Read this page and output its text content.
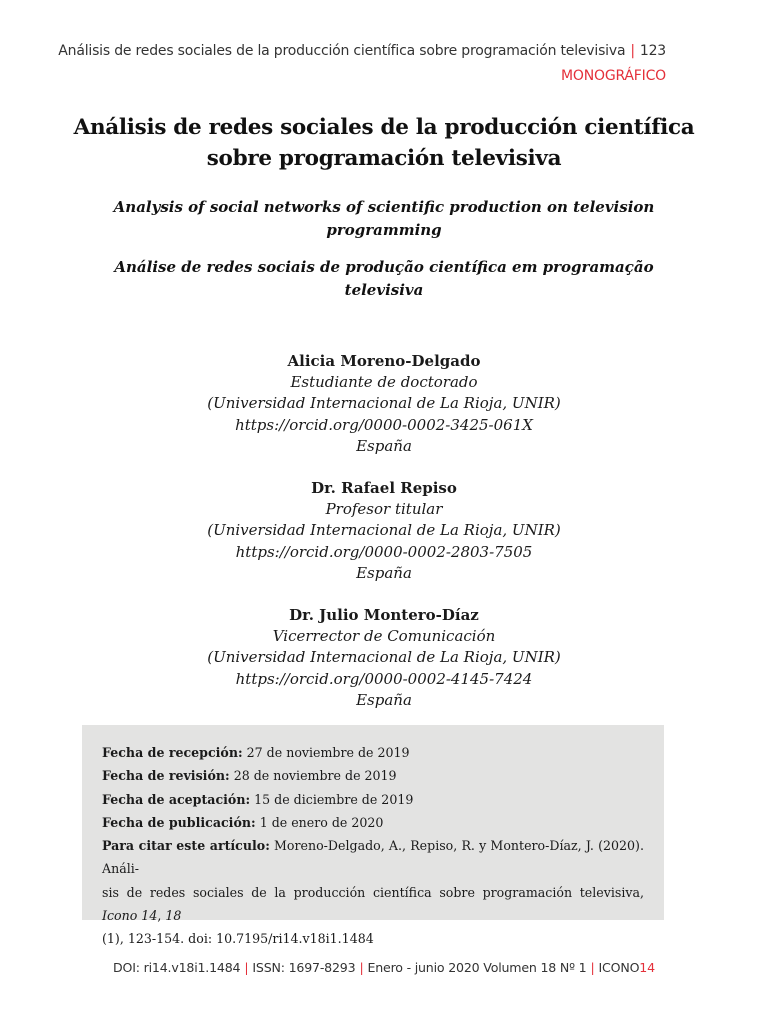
Análisis de redes sociales de la producción científica sobre programación televisiva | 123
MONOGRÁFICO
Análisis de redes sociales de la producción científica
sobre programación televisiva
Analysis of social networks of scientific production on television
programming
Análise de redes sociais de produção científica em programação
televisiva
Alicia Moreno-Delgado
Estudiante de doctorado
(Universidad Internacional de La Rioja, UNIR)
https://orcid.org/0000-0002-3425-061X
España
Dr. Rafael Repiso
Profesor titular
(Universidad Internacional de La Rioja, UNIR)
https://orcid.org/0000-0002-2803-7505
España
Dr. Julio Montero-Díaz
Vicerrector de Comunicación
(Universidad Internacional de La Rioja, UNIR)
https://orcid.org/0000-0002-4145-7424
España
Fecha de recepción: 27 de noviembre de 2019
Fecha de revisión: 28 de noviembre de 2019
Fecha de aceptación: 15 de diciembre de 2019
Fecha de publicación: 1 de enero de 2020
Para citar este artículo: Moreno-Delgado, A., Repiso, R. y Montero-Díaz, J. (2020). Análi-
sis de redes sociales de la producción científica sobre programación televisiva, Icono 14, 18
(1), 123-154. doi: 10.7195/ri14.v18i1.1484
DOI: ri14.v18i1.1484 | ISSN: 1697-8293 | Enero - junio 2020 Volumen 18 Nº 1 | ICONO14
